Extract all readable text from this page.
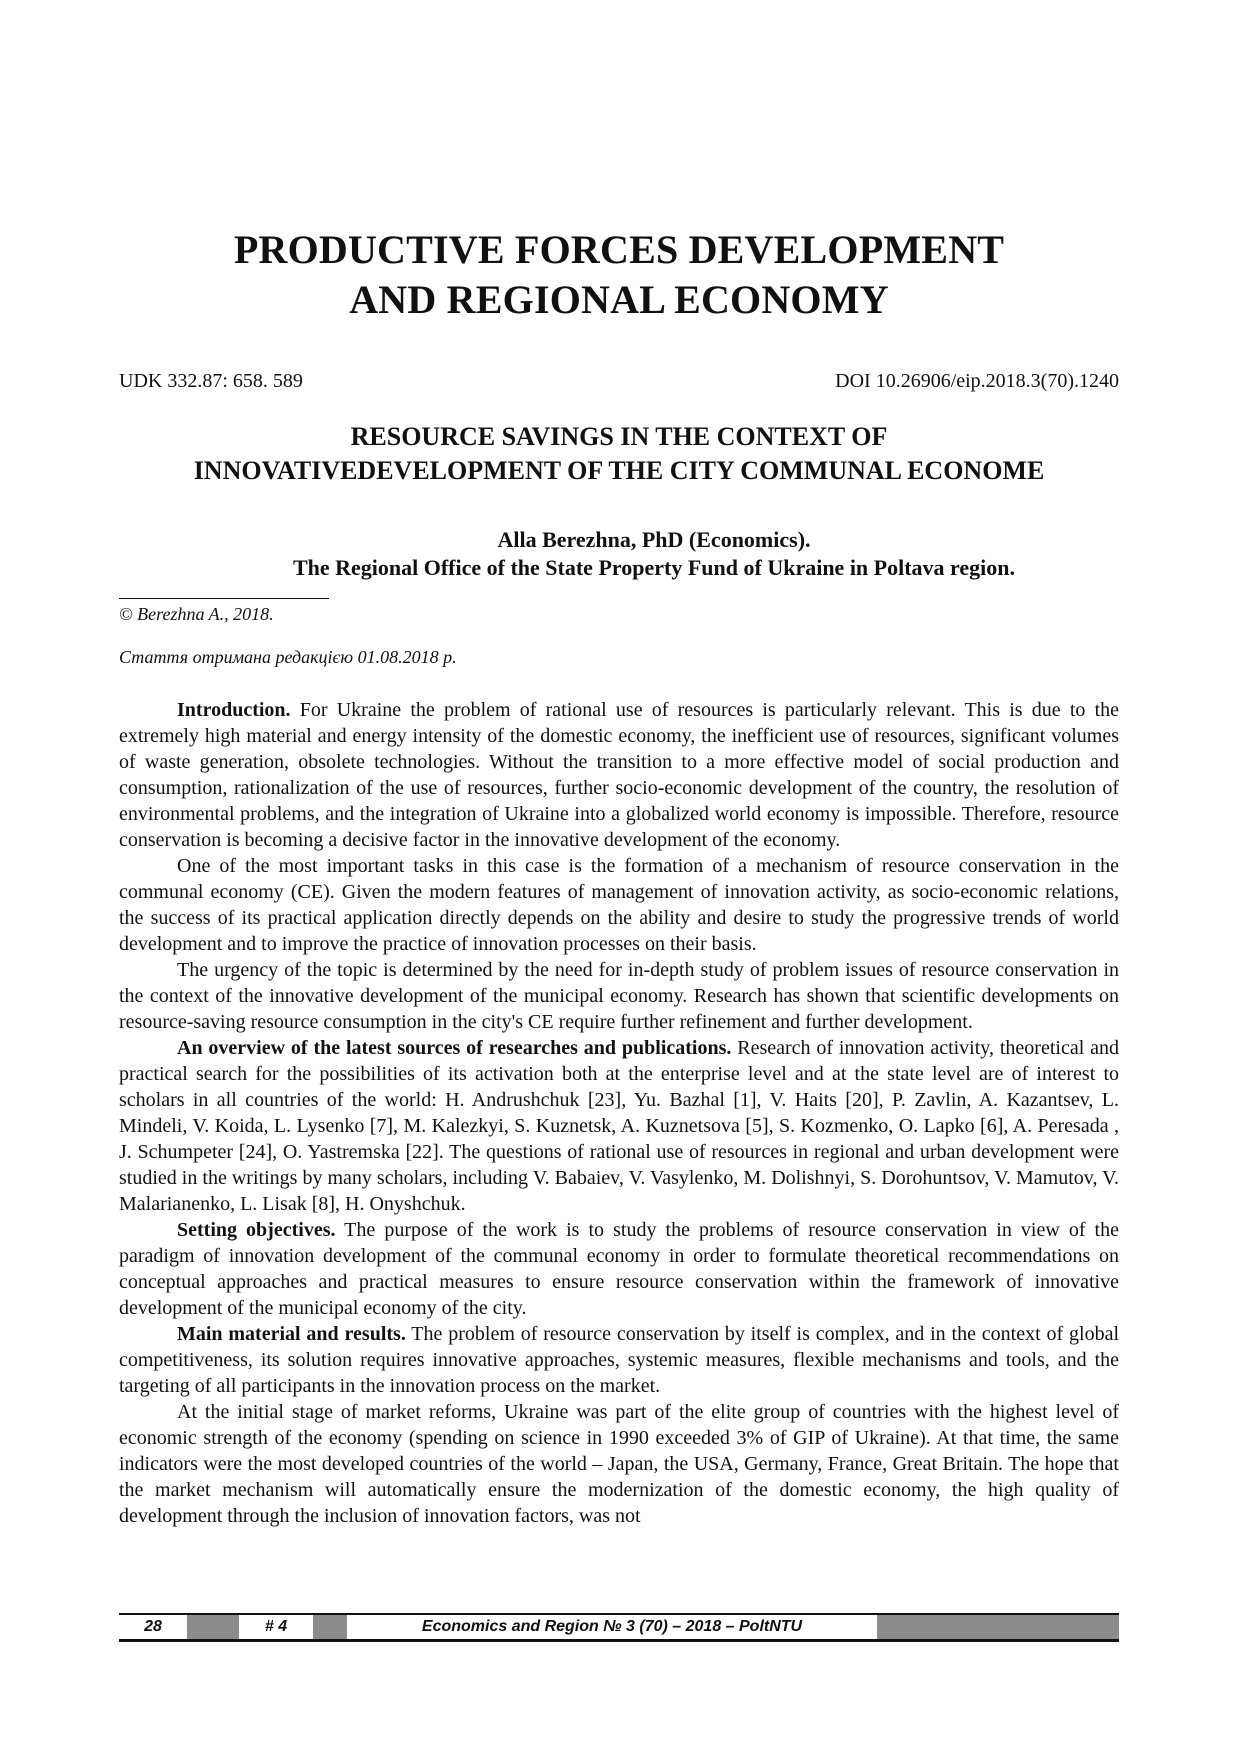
PRODUCTIVE FORCES DEVELOPMENT
AND REGIONAL ECONOMY
UDK 332.87: 658. 589	DOI 10.26906/eip.2018.3(70).1240
RESOURCE SAVINGS IN THE CONTEXT OF
INNOVATIVEDEVELOPMENT OF THE CITY COMMUNAL ECONOME
Alla Berezhna, PhD (Economics).
The Regional Office of the State Property Fund of Ukraine in Poltava region.
© Berezhna A., 2018.
Стаття отримана редакцією 01.08.2018 р.

Introduction. For Ukraine the problem of rational use of resources is particularly relevant. This is due to the extremely high material and energy intensity of the domestic economy, the inefficient use of resources, significant volumes of waste generation, obsolete technologies. Without the transition to a more effective model of social production and consumption, rationalization of the use of resources, further socio-economic development of the country, the resolution of environmental problems, and the integration of Ukraine into a globalized world economy is impossible. Therefore, resource conservation is becoming a decisive factor in the innovative development of the economy.

One of the most important tasks in this case is the formation of a mechanism of resource conservation in the communal economy (CE). Given the modern features of management of innovation activity, as socio-economic relations, the success of its practical application directly depends on the ability and desire to study the progressive trends of world development and to improve the practice of innovation processes on their basis.

The urgency of the topic is determined by the need for in-depth study of problem issues of resource conservation in the context of the innovative development of the municipal economy. Research has shown that scientific developments on resource-saving resource consumption in the city's CE require further refinement and further development.

An overview of the latest sources of researches and publications. Research of innovation activity, theoretical and practical search for the possibilities of its activation both at the enterprise level and at the state level are of interest to scholars in all countries of the world: H. Andrushchuk [23], Yu. Bazhal [1], V. Haits [20], P. Zavlin, A. Kazantsev, L. Mindeli, V. Koida, L. Lysenko [7], M. Kalezkyi, S. Kuznetsk, A. Kuznetsova [5], S. Kozmenko, O. Lapko [6], A. Peresada , J. Schumpeter [24], O. Yastremska [22]. The questions of rational use of resources in regional and urban development were studied in the writings by many scholars, including V. Babaiev, V. Vasylenko, M. Dolishnyi, S. Dorohuntsov, V. Mamutov, V. Malarianenko, L. Lisak [8], H. Onyshchuk.

Setting objectives. The purpose of the work is to study the problems of resource conservation in view of the paradigm of innovation development of the communal economy in order to formulate theoretical recommendations on conceptual approaches and practical measures to ensure resource conservation within the framework of innovative development of the municipal economy of the city.

Main material and results. The problem of resource conservation by itself is complex, and in the context of global competitiveness, its solution requires innovative approaches, systemic measures, flexible mechanisms and tools, and the targeting of all participants in the innovation process on the market.

At the initial stage of market reforms, Ukraine was part of the elite group of countries with the highest level of economic strength of the economy (spending on science in 1990 exceeded 3% of GIP of Ukraine). At that time, the same indicators were the most developed countries of the world – Japan, the USA, Germany, France, Great Britain. The hope that the market mechanism will automatically ensure the modernization of the domestic economy, the high quality of development through the inclusion of innovation factors, was not

28	# 4	Economics and Region № 3 (70) – 2018 – PoltNTU
